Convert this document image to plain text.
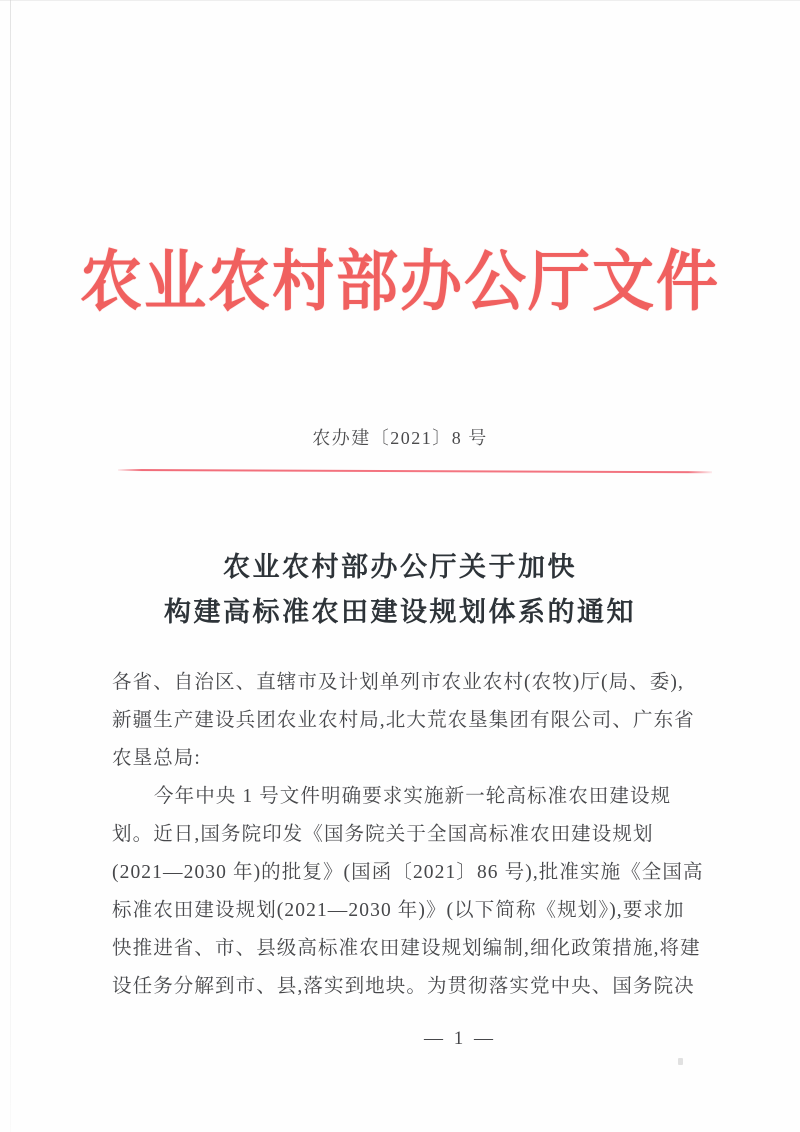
农业农村部办公厅文件
农办建〔2021〕8 号
农业农村部办公厅关于加快
构建高标准农田建设规划体系的通知
各省、自治区、直辖市及计划单列市农业农村(农牧)厅(局、委),
新疆生产建设兵团农业农村局,北大荒农垦集团有限公司、广东省
农垦总局:
今年中央 1 号文件明确要求实施新一轮高标准农田建设规
划。近日,国务院印发《国务院关于全国高标准农田建设规划
(2021—2030 年)的批复》(国函〔2021〕86 号),批准实施《全国高
标准农田建设规划(2021—2030 年)》(以下简称《规划》),要求加
快推进省、市、县级高标准农田建设规划编制,细化政策措施,将建
设任务分解到市、县,落实到地块。为贯彻落实党中央、国务院决
— 1 —
